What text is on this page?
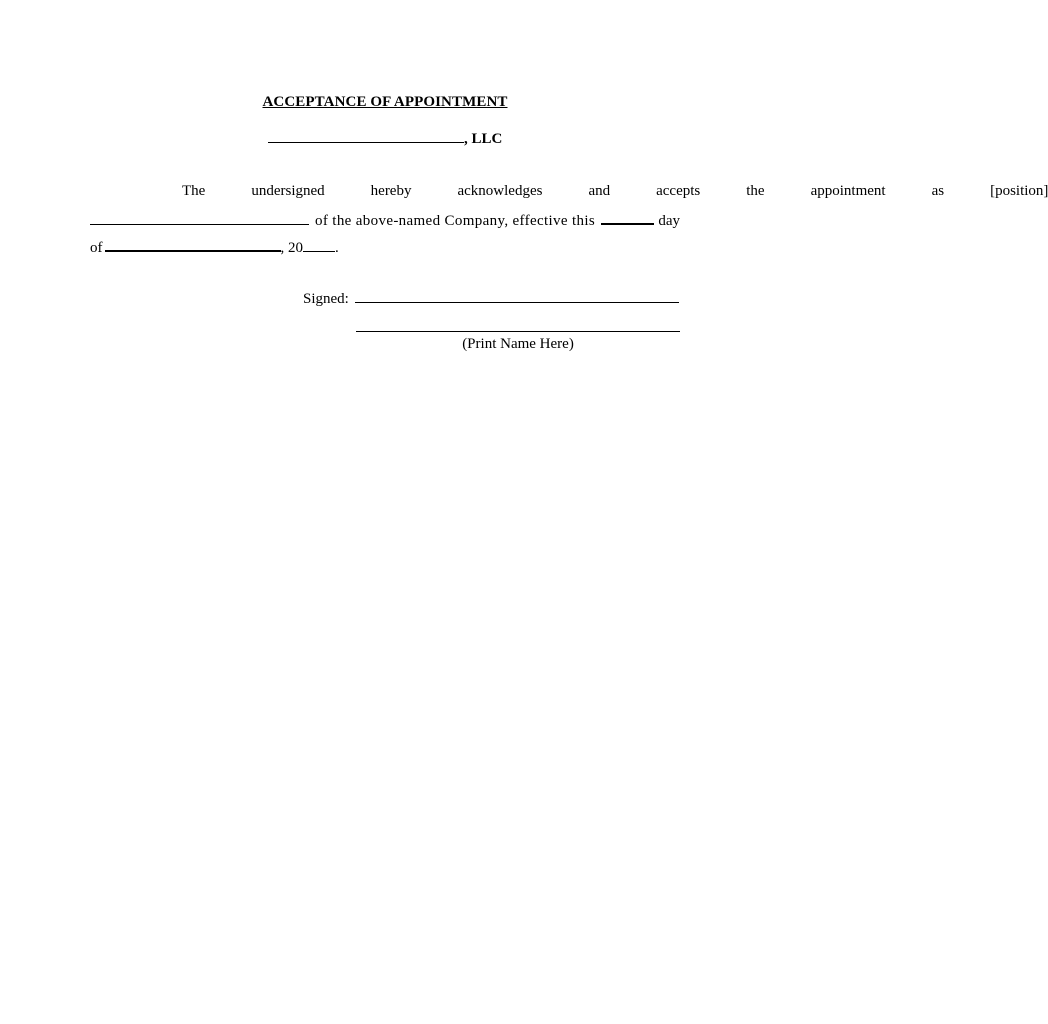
ACCEPTANCE OF APPOINTMENT
, LLC
The	undersigned	hereby	acknowledges	and	accepts	the	appointment	as	[position]
of the above-named Company, effective this	day
of	, 20 .
Signed:
(Print Name Here)
